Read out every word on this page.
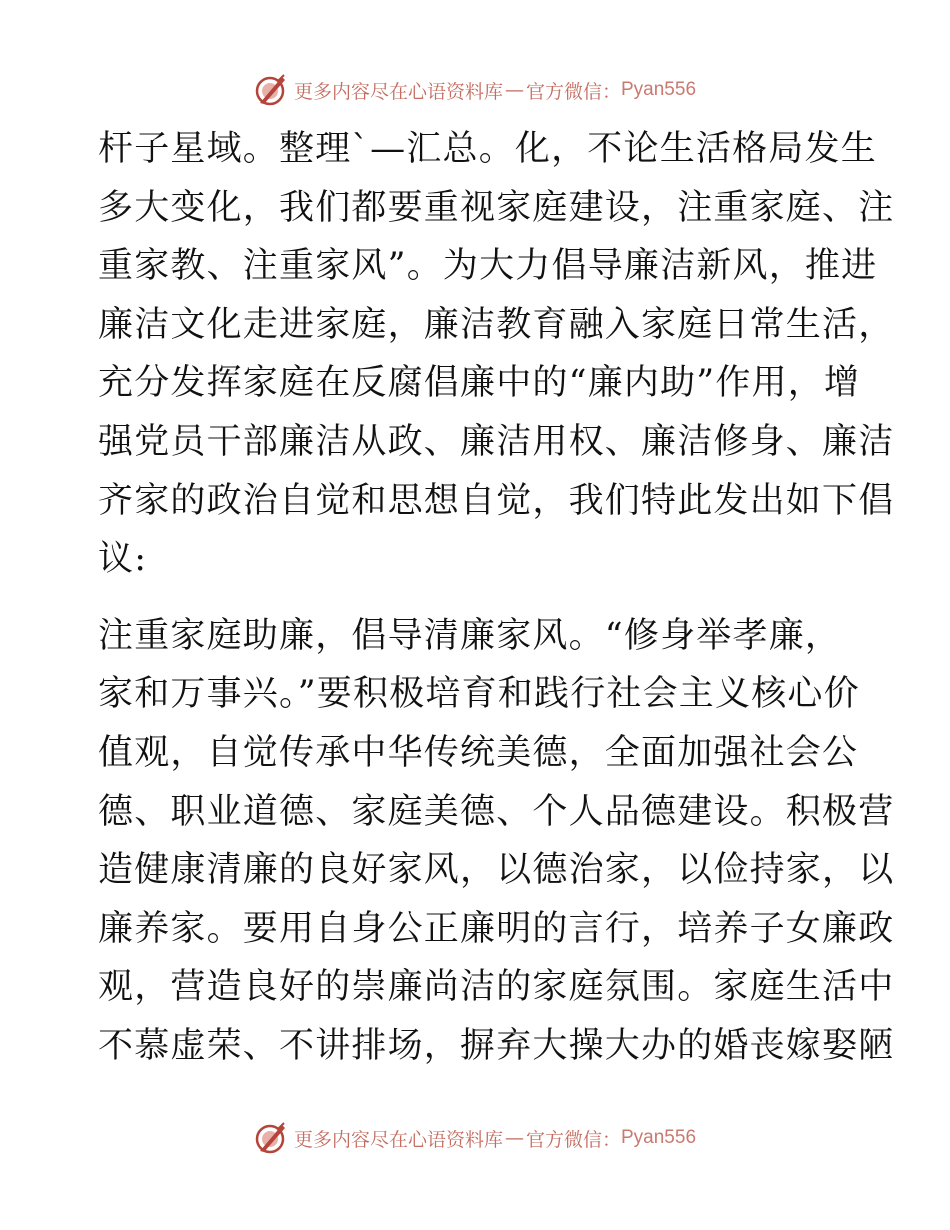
更多内容尽在心语资料库 — 官方微信： Pyan556
杆子星域。整理`—汇总。化，不论生活格局发生
多大变化，我们都要重视家庭建设，注重家庭、注
重家教、注重家风”。为大力倡导廉洁新风，推进
廉洁文化走进家庭，廉洁教育融入家庭日常生活，
充分发挥家庭在反腐倡廉中的“廉内助”作用，增
强党员干部廉洁从政、廉洁用权、廉洁修身、廉洁
齐家的政治自觉和思想自觉，我们特此发出如下倡
议:
注重家庭助廉，倡导清廉家风。“修身举孝廉，
家和万事兴。”要积极培育和践行社会主义核心价
值观，自觉传承中华传统美德，全面加强社会公
德、职业道德、家庭美德、个人品德建设。积极营
造健康清廉的良好家风，以德治家，以俭持家，以
廉养家。要用自身公正廉明的言行，培养子女廉政
观，营造良好的崇廉尚洁的家庭氛围。家庭生活中
不慕虚荣、不讲排场，摒弃大操大办的婚丧嫁娶陋
更多内容尽在心语资料库 — 官方微信： Pyan556
